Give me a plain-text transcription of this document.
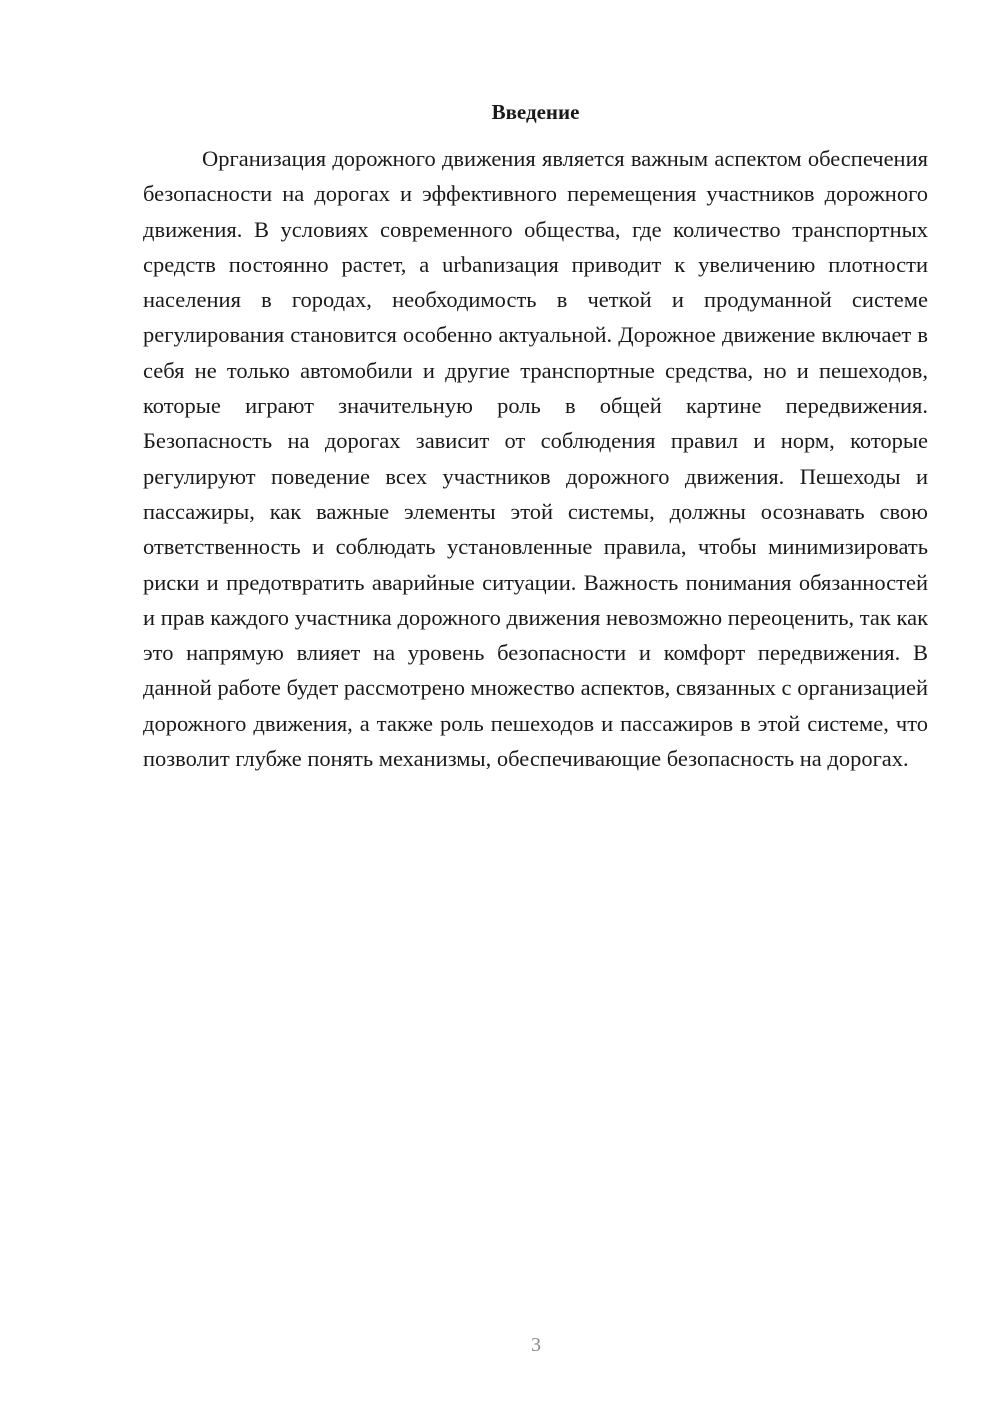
Введение

Организация дорожного движения является важным аспектом обеспечения безопасности на дорогах и эффективного перемещения участников дорожного движения. В условиях современного общества, где количество транспортных средств постоянно растет, а urbanизация приводит к увеличению плотности населения в городах, необходимость в четкой и продуманной системе регулирования становится особенно актуальной. Дорожное движение включает в себя не только автомобили и другие транспортные средства, но и пешеходов, которые играют значительную роль в общей картине передвижения. Безопасность на дорогах зависит от соблюдения правил и норм, которые регулируют поведение всех участников дорожного движения. Пешеходы и пассажиры, как важные элементы этой системы, должны осознавать свою ответственность и соблюдать установленные правила, чтобы минимизировать риски и предотвратить аварийные ситуации. Важность понимания обязанностей и прав каждого участника дорожного движения невозможно переоценить, так как это напрямую влияет на уровень безопасности и комфорт передвижения. В данной работе будет рассмотрено множество аспектов, связанных с организацией дорожного движения, а также роль пешеходов и пассажиров в этой системе, что позволит глубже понять механизмы, обеспечивающие безопасность на дорогах.

3
